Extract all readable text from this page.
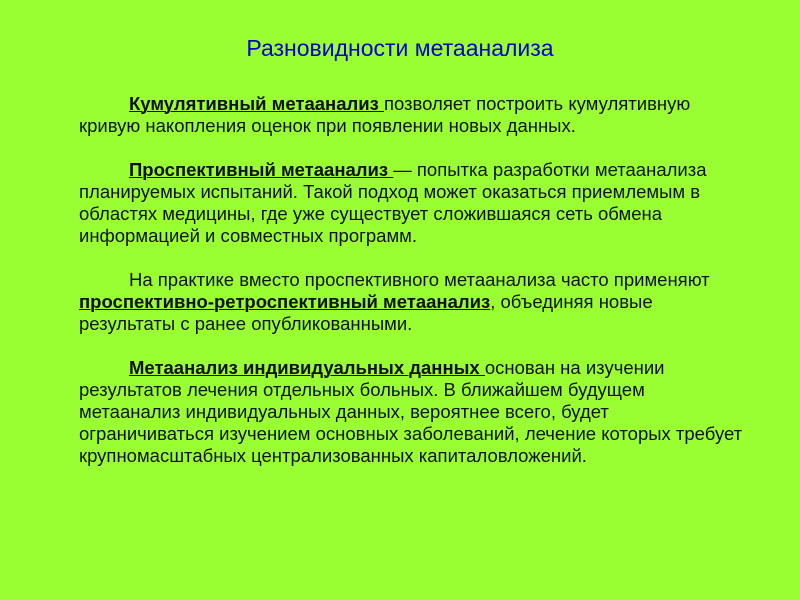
Разновидности метаанализа

Кумулятивный метаанализ позволяет построить кумулятивную кривую накопления оценок при появлении новых данных.

Проспективный метаанализ — попытка разработки метаанализа планируемых испытаний. Такой подход может оказаться приемлемым в областях медицины, где уже существует сложившаяся сеть обмена информацией и совместных программ.

На практике вместо проспективного метаанализа часто применяют проспективно-ретроспективный метаанализ, объединяя новые результаты с ранее опубликованными.

Метаанализ индивидуальных данных основан на изучении результатов лечения отдельных больных. В ближайшем будущем метаанализ индивидуальных данных, вероятнее всего, будет ограничиваться изучением основных заболеваний, лечение которых требует крупномасштабных централизованных капиталовложений.
